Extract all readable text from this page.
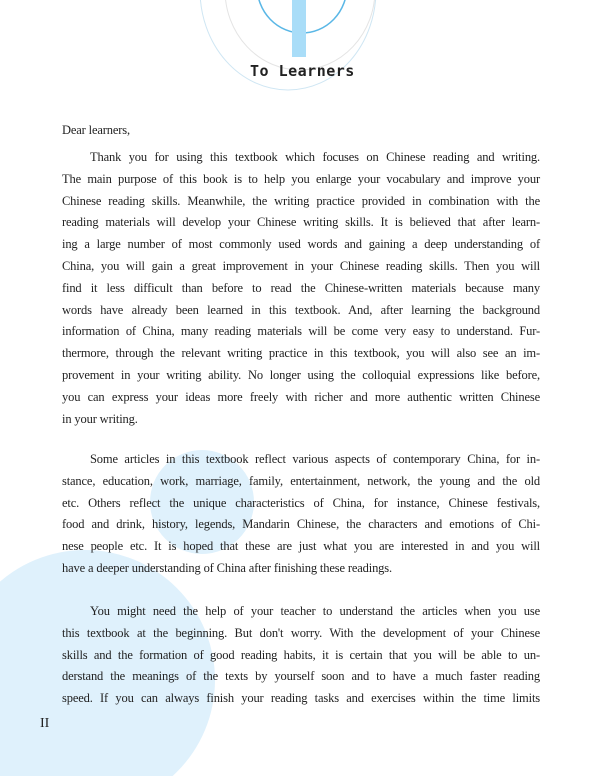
To Learners
Dear learners,
Thank you for using this textbook which focuses on Chinese reading and writing.
The main purpose of this book is to help you enlarge your vocabulary and improve your
Chinese reading skills. Meanwhile, the writing practice provided in combination with the
reading materials will develop your Chinese writing skills. It is believed that after learn-
ing a large number of most commonly used words and gaining a deep understanding of
China, you will gain a great improvement in your Chinese reading skills. Then you will
find it less difficult than before to read the Chinese-written materials because many
words have already been learned in this textbook. And, after learning the background
information of China, many reading materials will be come very easy to understand. Fur-
thermore, through the relevant writing practice in this textbook, you will also see an im-
provement in your writing ability. No longer using the colloquial expressions like before,
you can express your ideas more freely with richer and more authentic written Chinese
in your writing.
Some articles in this textbook reflect various aspects of contemporary China, for in-
stance, education, work, marriage, family, entertainment, network, the young and the old
etc. Others reflect the unique characteristics of China, for instance, Chinese festivals,
food and drink, history, legends, Mandarin Chinese, the characters and emotions of Chi-
nese people etc. It is hoped that these are just what you are interested in and you will
have a deeper understanding of China after finishing these readings.
You might need the help of your teacher to understand the articles when you use
this textbook at the beginning. But don't worry. With the development of your Chinese
skills and the formation of good reading habits, it is certain that you will be able to un-
derstand the meanings of the texts by yourself soon and to have a much faster reading
speed. If you can always finish your reading tasks and exercises within the time limits
II
